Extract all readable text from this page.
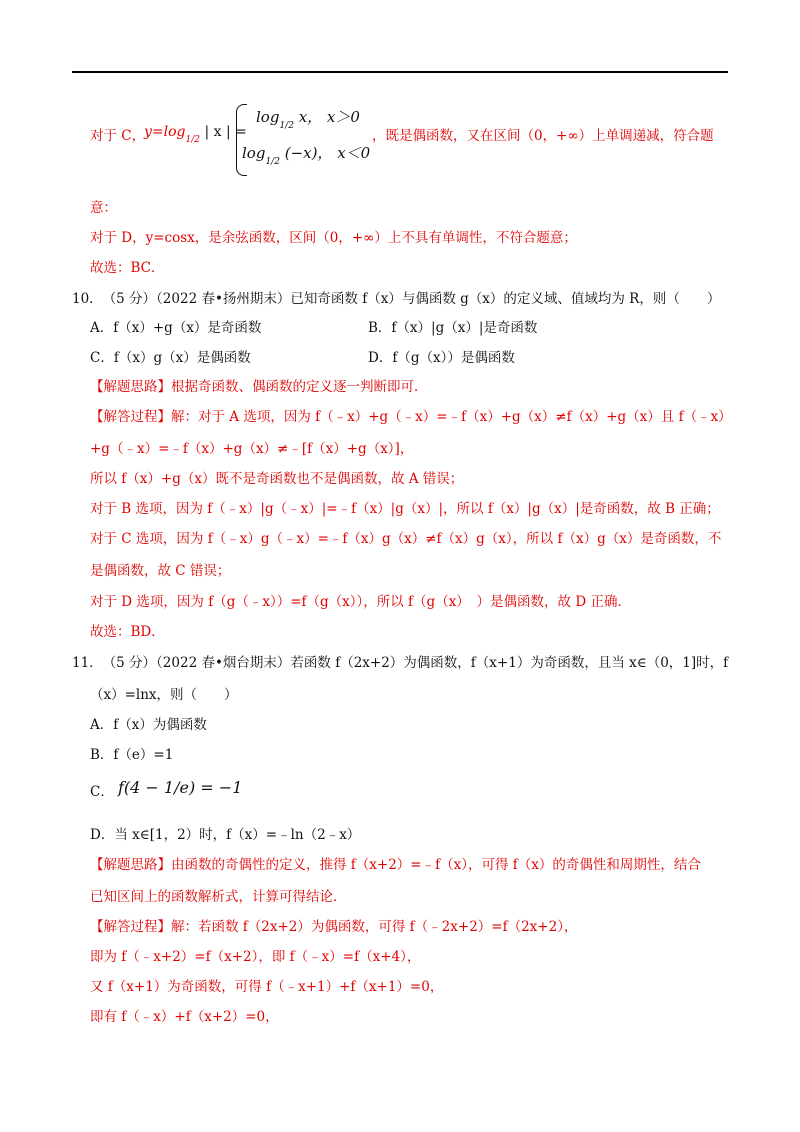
对于 C，
$y=\log_{1/2}$ | x | =
$\log_{1/2} x$， x＞0
$\log_{1/2} (-x)$， x＜0
，既是偶函数，又在区间（0，+∞）上单调递减，符合题
意：
对于 D，y=cosx，是余弦函数，区间（0，+∞）上不具有单调性，不符合题意；
故选：BC．
10．　（5 分）（2022 春•扬州期末）已知奇函数 f（x）与偶函数 g（x）的定义域、值域均为 R，则（　　）
A．f（x）+g（x）是奇函数	B．f（x）|g（x）|是奇函数
C．f（x）g（x）是偶函数	D．f（g（x））是偶函数
【解题思路】根据奇函数、偶函数的定义逐一判断即可．
【解答过程】解：对于 A 选项，因为 f（﹣x）+g（﹣x）=﹣f（x）+g（x）≠f（x）+g（x）且 f（﹣x）
+g（﹣x）=﹣f（x）+g（x）≠﹣[f（x）+g（x）]，
所以 f（x）+g（x）既不是奇函数也不是偶函数，故 A 错误；
对于 B 选项，因为 f（﹣x）|g（﹣x）|=﹣f（x）|g（x）|，所以 f（x）|g（x）|是奇函数，故 B 正确；
对于 C 选项，因为 f（﹣x）g（﹣x）=﹣f（x）g（x）≠f（x）g（x），所以 f（x）g（x）是奇函数，不
是偶函数，故 C 错误；
对于 D 选项，因为 f（g（﹣x））=f（g（x）），所以 f（g（x）　）是偶函数，故 D 正确．
故选：BD．
11．　（5 分）（2022 春•烟台期末）若函数 f（2x+2）为偶函数，f（x+1）为奇函数，且当 x∈（0，1]时，f
（x）=lnx，则（　　）
A．f（x）为偶函数
B．f（e）=1
C． f(4 − 1/e) = −1
D．当 x∈[1，2）时，f（x）=﹣ln（2﹣x）
【解题思路】由函数的奇偶性的定义，推得 f（x+2）=﹣f（x），可得 f（x）的奇偶性和周期性，结合
已知区间上的函数解析式，计算可得结论．
【解答过程】解：若函数 f（2x+2）为偶函数，可得 f（﹣2x+2）=f（2x+2），
即为 f（﹣x+2）=f（x+2），即 f（﹣x）=f（x+4），
又 f（x+1）为奇函数，可得 f（﹣x+1）+f（x+1）=0，
即有 f（﹣x）+f（x+2）=0，
